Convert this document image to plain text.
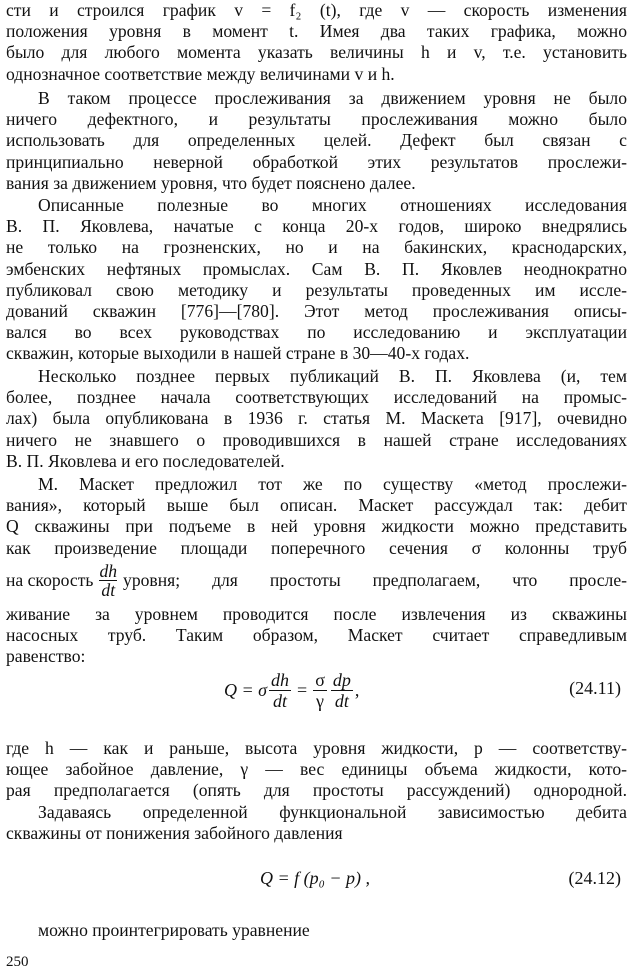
сти и строился график v = f₂ (t), где v — скорость изменения
положения уровня в момент t. Имея два таких графика, можно
было для любого момента указать величины h и v, т.е. установить
однозначное соответствие между величинами v и h.
В таком процессе прослеживания за движением уровня не было
ничего дефектного, и результаты прослеживания можно было
использовать для определенных целей. Дефект был связан с
принципиально неверной обработкой этих результатов прослежи-
вания за движением уровня, что будет пояснено далее.
Описанные полезные во многих отношениях исследования
В. П. Яковлева, начатые с конца 20-х годов, широко внедрялись
не только на грозненских, но и на бакинских, краснодарских,
эмбенских нефтяных промыслах. Сам В. П. Яковлев неоднократно
публиковал свою методику и результаты проведенных им иссле-
дований скважин [776]—[780]. Этот метод прослеживания описы-
вался во всех руководствах по исследованию и эксплуатации
скважин, которые выходили в нашей стране в 30—40-х годах.
Несколько позднее первых публикаций В. П. Яковлева (и, тем
более, позднее начала соответствующих исследований на промыс-
лах) была опубликована в 1936 г. статья М. Маскета [917], очевидно
ничего не знавшего о проводившихся в нашей стране исследованиях
В. П. Яковлева и его последователей.
М. Маскет предложил тот же по существу «метод прослежи-
вания», который выше был описан. Маскет рассуждал так: дебит
Q скважины при подъеме в ней уровня жидкости можно представить
как произведение площади поперечного сечения σ колонны труб
на скорость $\frac{dh}{dt}$ уровня; для простоты предполагаем, что просле-
живание за уровнем проводится после извлечения из скважины
насосных труб. Таким образом, Маскет считает справедливым
равенство:
Q = σ $\frac{dh}{dt} = \frac{\sigma}{\gamma} \frac{dp}{dt}$ ,	(24.11)
где h — как и раньше, высота уровня жидкости, p — соответству-
ющее забойное давление, γ — вес единицы объема жидкости, кото-
рая предполагается (опять для простоты рассуждений) однородной.
Задаваясь определенной функциональной зависимостью дебита
скважины от понижения забойного давления
Q = f (p₀ − p) ,	(24.12)
можно проинтегрировать уравнение
250
